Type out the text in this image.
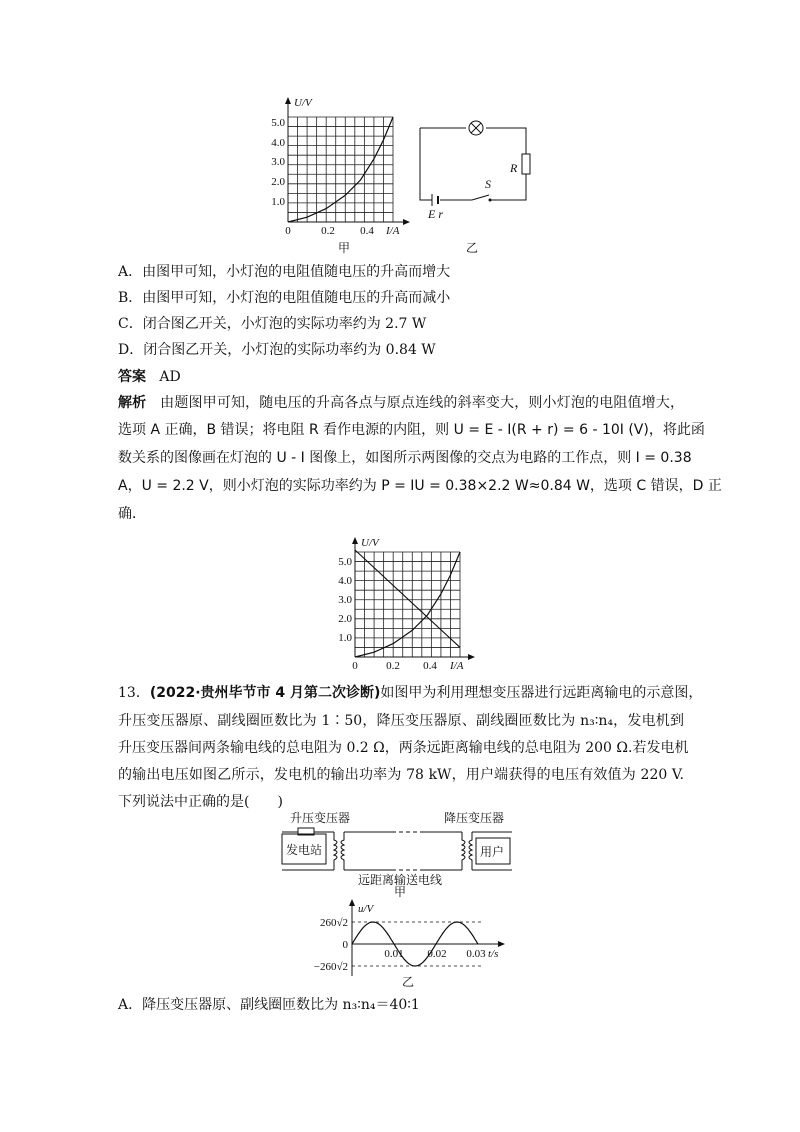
U/V
I/A
5.0
4.0
3.0
2.0
1.0
0	0.2 0.4
甲
R
S
E r
乙
A．由图甲可知，小灯泡的电阻值随电压的升高而增大
B．由图甲可知，小灯泡的电阻值随电压的升高而减小
C．闭合图乙开关，小灯泡的实际功率约为 2.7 W
D．闭合图乙开关，小灯泡的实际功率约为 0.84 W
答案 AD
解析 由题图甲可知，随电压的升高各点与原点连线的斜率变大，则小灯泡的电阻值增大，
选项 A 正确，B 错误；将电阻 R 看作电源的内阻，则 U = E - I(R + r) = 6 - 10I (V)，将此函
数关系的图像画在灯泡的 U - I 图像上，如图所示两图像的交点为电路的工作点，则 I = 0.38
A，U = 2.2 V，则小灯泡的实际功率约为 P = IU = 0.38×2.2 W≈0.84 W，选项 C 错误，D 正
确．
U/V
I/A
5.0
4.0
3.0
2.0
1.0
0	0.2 0.4
13．(2022·贵州毕节市 4 月第二次诊断)如图甲为利用理想变压器进行远距离输电的示意图，
升压变压器原、副线圈匝数比为 1∶50，降压变压器原、副线圈匝数比为 n₃∶n₄，发电机到
升压变压器间两条输电线的总电阻为 0.2 Ω，两条远距离输电线的总电阻为 200 Ω.若发电机
的输出电压如图乙所示，发电机的输出功率为 78 kW，用户端获得的电压有效值为 220 V.
下列说法中正确的是(　　)
升压变压器	降压变压器
发电站	用户
远距离输送电线
甲
u/V
260√2
0
−260√2
0.01 0.02 0.03 t/s
乙
A．降压变压器原、副线圈匝数比为 n₃∶n₄＝40∶1
